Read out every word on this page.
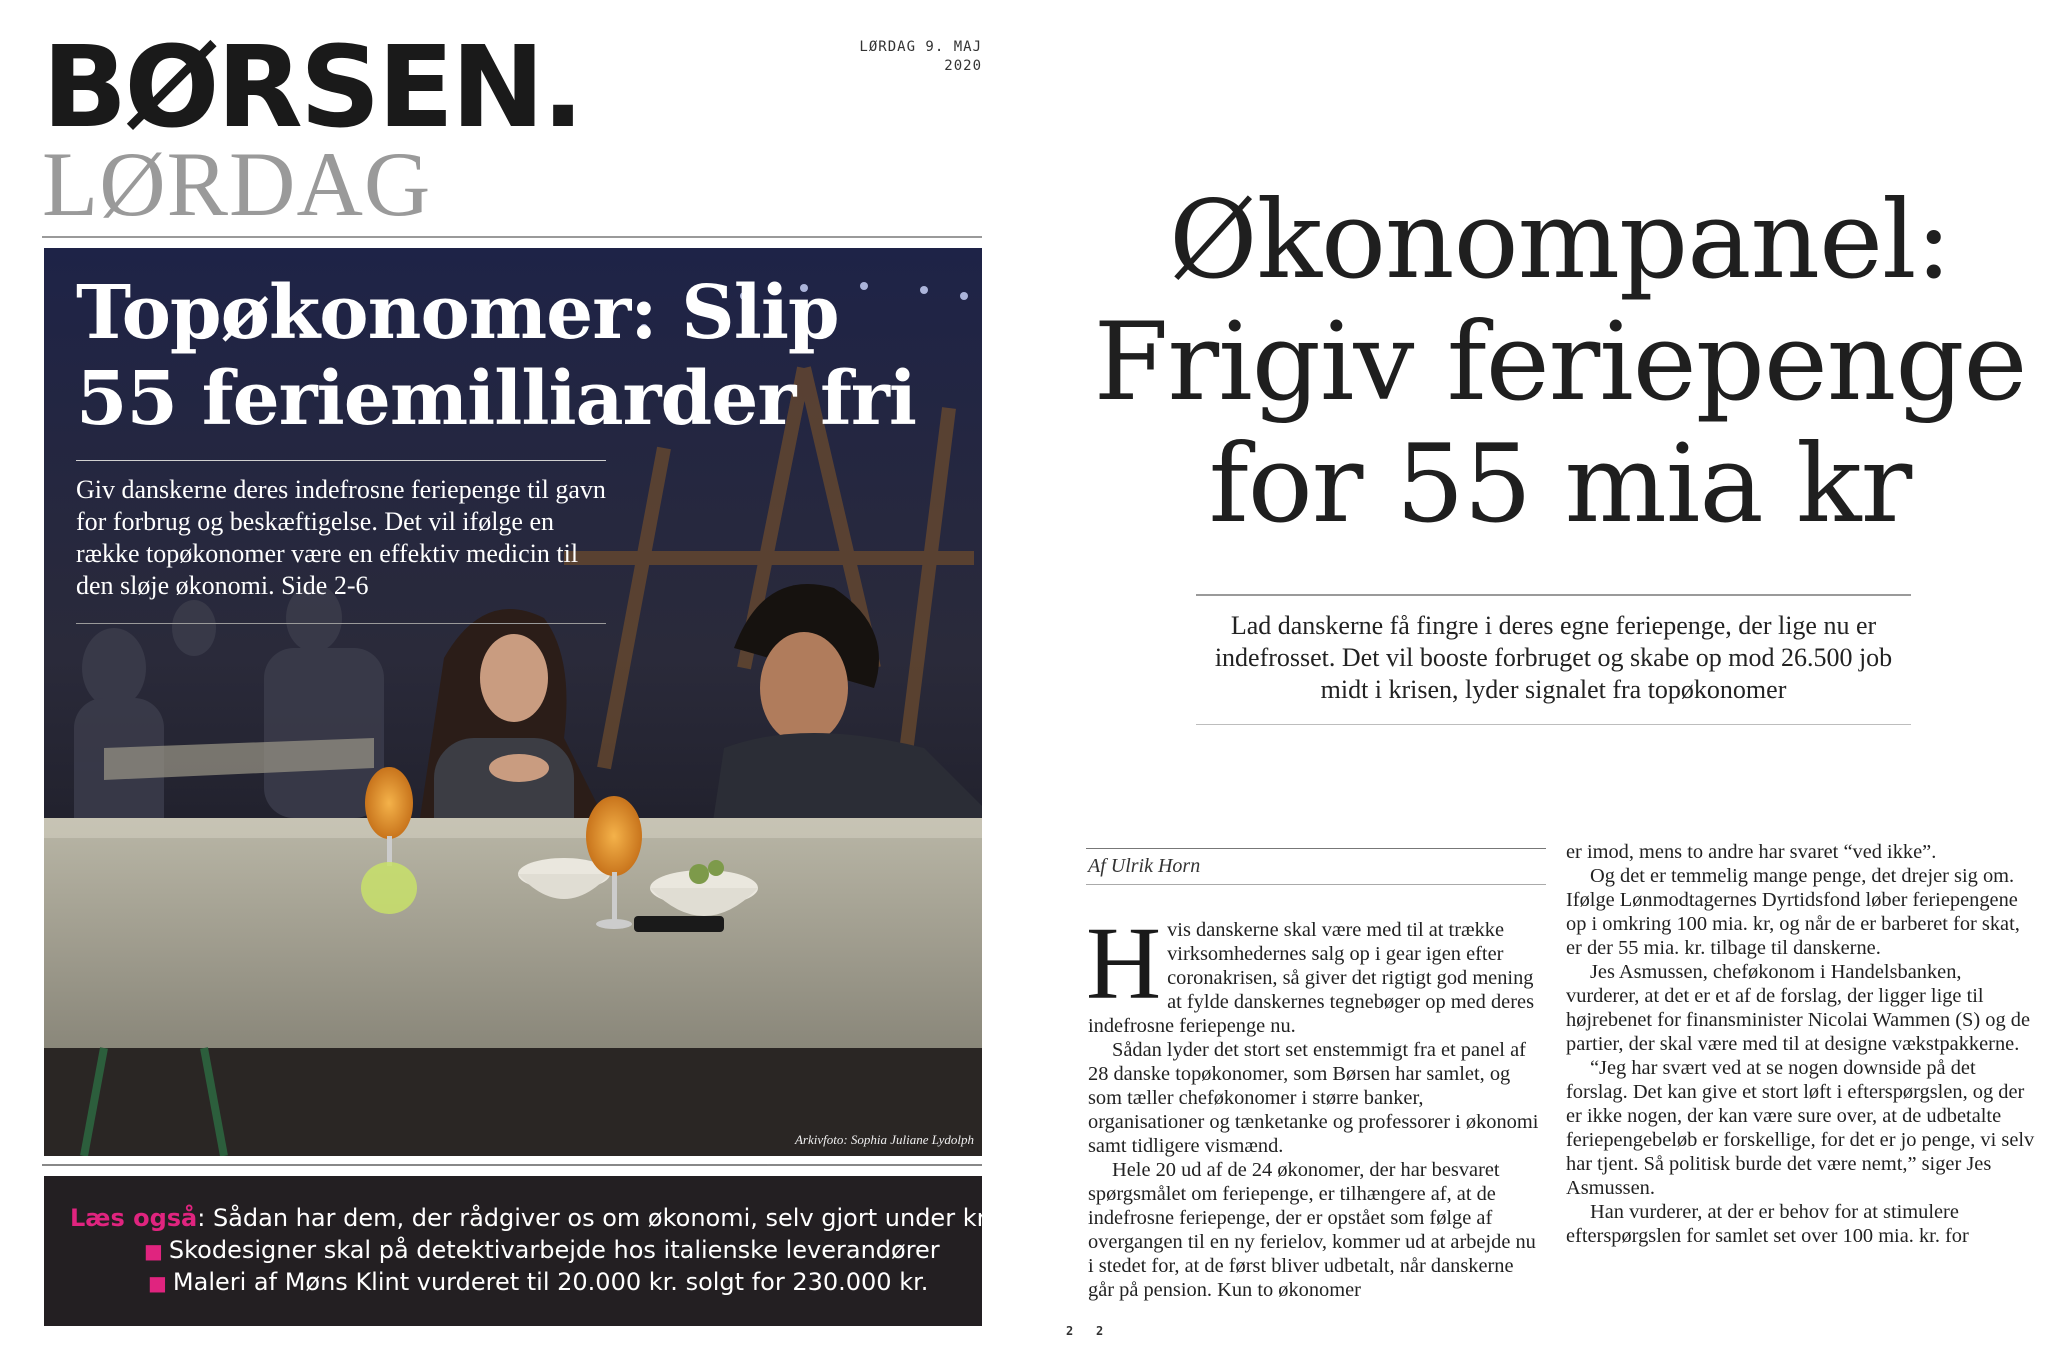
BØRSEN.
LØRDAG
LØRDAG 9. MAJ
2020
Topøkonomer: Slip 55 feriemilliarder fri

Giv danskerne deres indefrosne feriepenge til gavn for forbrug og beskæftigelse. Det vil ifølge en række topøkonomer være en effektiv medicin til den sløje økonomi. Side 2-6

Arkivfoto: Sophia Juliane Lydolph
Læs også: Sådan har dem, der rådgiver os om økonomi, selv gjort under krisen
■ Skodesigner skal på detektivarbejde hos italienske leverandører
■ Maleri af Møns Klint vurderet til 20.000 kr. solgt for 230.000 kr.
Økonompanel: Frigiv feriepenge for 55 mia kr

Lad danskerne få fingre i deres egne feriepenge, der lige nu er indefrosset. Det vil booste forbruget og skabe op mod 26.500 job midt i krisen, lyder signalet fra topøkonomer

Af Ulrik Horn
H vis danskerne skal være med til at trække virksomhedernes salg op i gear igen efter coronakrisen, så giver det rigtigt god mening at fylde danskernes tegnebøger op med deres indefrosne feriepenge nu.

Sådan lyder det stort set enstemmigt fra et panel af 28 danske topøkonomer, som Børsen har samlet, og som tæller cheføkonomer i større banker, organisationer og tænketanke og professorer i økonomi samt tidligere vismænd.

Hele 20 ud af de 24 økonomer, der har besvaret spørgsmålet om feriepenge, er tilhængere af, at de indefrosne feriepenge, der er opstået som følge af overgangen til en ny ferielov, kommer ud at arbejde nu i stedet for, at de først bliver udbetalt, når danskerne går på pension. Kun to økonomer

er imod, mens to andre har svaret “ved ikke”.

Og det er temmelig mange penge, det drejer sig om. Ifølge Lønmodtagernes Dyrtidsfond løber feriepengene op i omkring 100 mia. kr, og når de er barberet for skat, er der 55 mia. kr. tilbage til danskerne.

Jes Asmussen, cheføkonom i Handelsbanken, vurderer, at det er et af de forslag, der ligger lige til højrebenet for finansminister Nicolai Wammen (S) og de partier, der skal være med til at designe vækstpakkerne.

“Jeg har svært ved at se nogen downside på det forslag. Det kan give et stort løft i efterspørgslen, og der er ikke nogen, der kan være sure over, at de udbetalte feriepengebeløb er forskellige, for det er jo penge, vi selv har tjent. Så politisk burde det være nemt,” siger Jes Asmussen.

Han vurderer, at der er behov for at stimulere efterspørgslen for samlet set over 100 mia. kr. for

2 2
